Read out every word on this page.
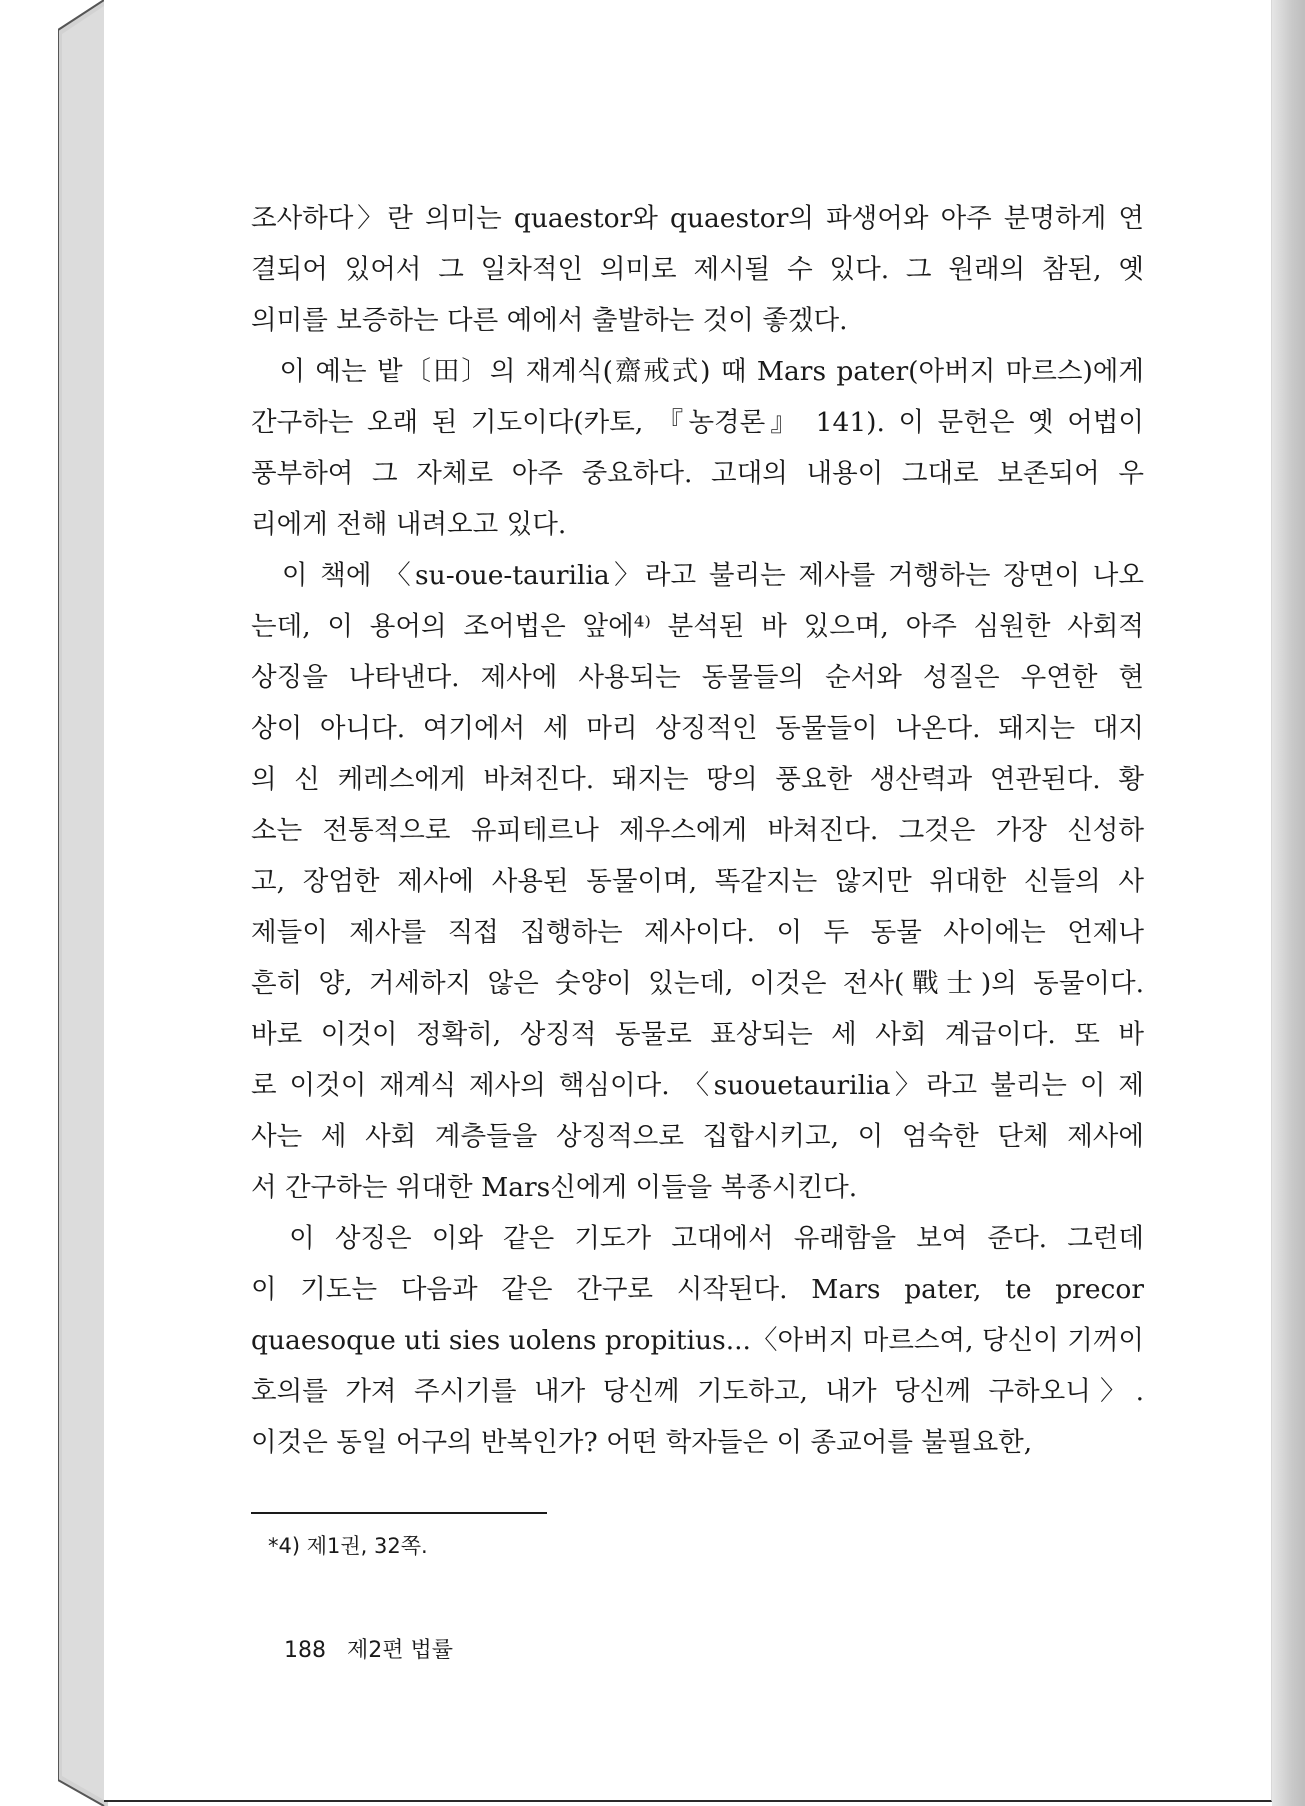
조사하다〉란 의미는 quaestor와 quaestor의 파생어와 아주 분명하게 연
결되어 있어서 그 일차적인 의미로 제시될 수 있다. 그 원래의 참된, 옛
의미를 보증하는 다른 예에서 출발하는 것이 좋겠다.
　이 예는 밭〔田〕의 재계식(齋戒式) 때 Mars pater(아버지 마르스)에게
간구하는 오래 된 기도이다(카토, 『농경론』 141). 이 문헌은 옛 어법이
풍부하여 그 자체로 아주 중요하다. 고대의 내용이 그대로 보존되어 우
리에게 전해 내려오고 있다.
　이 책에 〈su-oue-taurilia〉라고 불리는 제사를 거행하는 장면이 나오
는데, 이 용어의 조어법은 앞에⁴⁾ 분석된 바 있으며, 아주 심원한 사회적
상징을 나타낸다. 제사에 사용되는 동물들의 순서와 성질은 우연한 현
상이 아니다. 여기에서 세 마리 상징적인 동물들이 나온다. 돼지는 대지
의 신 케레스에게 바쳐진다. 돼지는 땅의 풍요한 생산력과 연관된다. 황
소는 전통적으로 유피테르나 제우스에게 바쳐진다. 그것은 가장 신성하
고, 장엄한 제사에 사용된 동물이며, 똑같지는 않지만 위대한 신들의 사
제들이 제사를 직접 집행하는 제사이다. 이 두 동물 사이에는 언제나
흔히 양, 거세하지 않은 숫양이 있는데, 이것은 전사(戰士)의 동물이다.
바로 이것이 정확히, 상징적 동물로 표상되는 세 사회 계급이다. 또 바
로 이것이 재계식 제사의 핵심이다. 〈suouetaurilia〉라고 불리는 이 제
사는 세 사회 계층들을 상징적으로 집합시키고, 이 엄숙한 단체 제사에
서 간구하는 위대한 Mars신에게 이들을 복종시킨다.
　이 상징은 이와 같은 기도가 고대에서 유래함을 보여 준다. 그런데
이 기도는 다음과 같은 간구로 시작된다. Mars pater, te precor
quaesoque uti sies uolens propitius...〈아버지 마르스여, 당신이 기꺼이
호의를 가져 주시기를 내가 당신께 기도하고, 내가 당신께 구하오니〉.
이것은 동일 어구의 반복인가? 어떤 학자들은 이 종교어를 불필요한,
*4) 제1권, 32쪽.
188 제2편 법률
